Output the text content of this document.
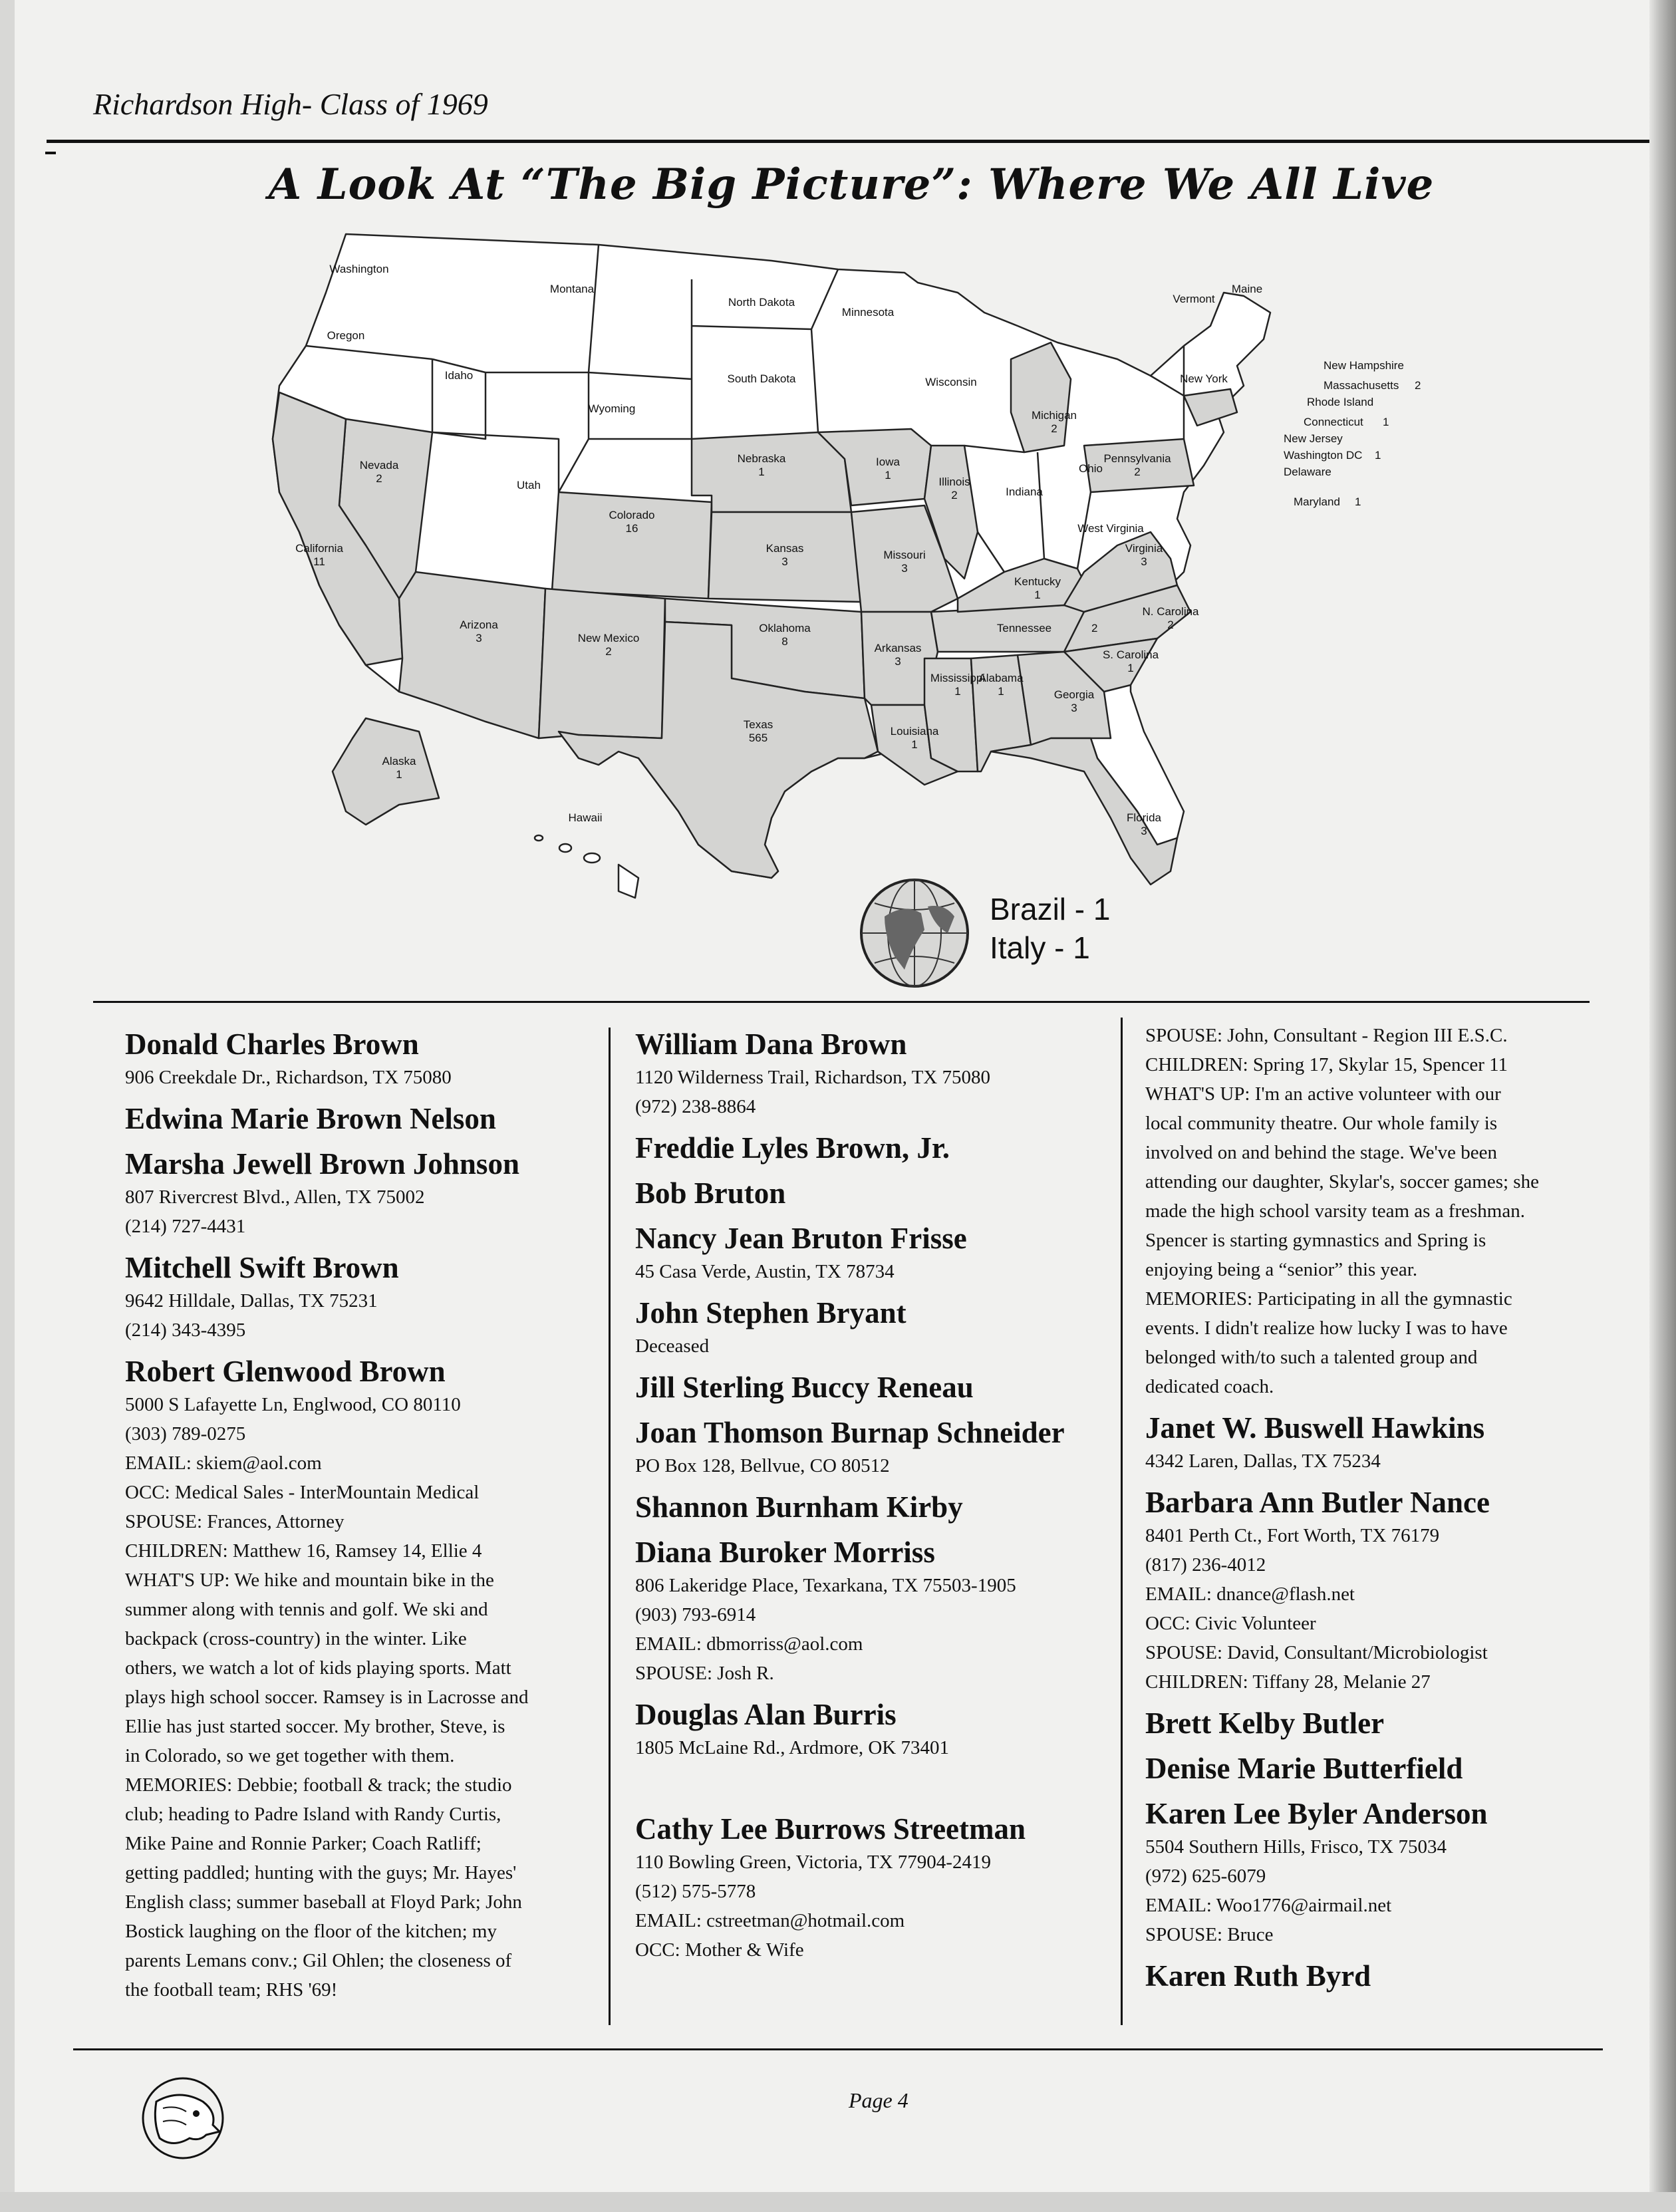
Richardson High- Class of 1969
A Look At “The Big Picture”: Where We All Live
Washington
Oregon
Montana
Idaho
Wyoming
North Dakota
South Dakota
Minnesota
Wisconsin
Michigan
2
Vermont
Maine
New York
New Hampshire
Massachusetts 2
Rhode Island
Connecticut 1
New Jersey
Washington DC 1
Delaware
Maryland 1
Pennsylvania
2
Ohio
Indiana
Illinois
2
Iowa
1
Nebraska
1
Nevada
2
Utah
Colorado
16
California
11
Kansas
3
Missouri
3
West Virginia
Virginia
3
Kentucky
1
Arizona
3	New Mexico
2
Oklahoma
8
Arkansas
3
Tennessee	2
N. Carolina
2
S. Carolina
1
Mississippi
1
Alabama
1	Georgia
3
Texas
565
Louisiana
1
Alaska
1
Hawaii	Florida
3
Brazil - 1
Italy - 1
Donald Charles Brown
906 Creekdale Dr., Richardson, TX 75080
Edwina Marie Brown Nelson
Marsha Jewell Brown Johnson
807 Rivercrest Blvd., Allen, TX 75002
(214) 727-4431
Mitchell Swift Brown
9642 Hilldale, Dallas, TX 75231
(214) 343-4395
Robert Glenwood Brown
5000 S Lafayette Ln, Englwood, CO 80110
(303) 789-0275
EMAIL: skiem@aol.com
OCC: Medical Sales - InterMountain Medical
SPOUSE: Frances, Attorney
CHILDREN: Matthew 16, Ramsey 14, Ellie 4
WHAT'S UP: We hike and mountain bike in the
summer along with tennis and golf. We ski and
backpack (cross-country) in the winter. Like
others, we watch a lot of kids playing sports. Matt
plays high school soccer. Ramsey is in Lacrosse and
Ellie has just started soccer. My brother, Steve, is
in Colorado, so we get together with them.
MEMORIES: Debbie; football & track; the studio
club; heading to Padre Island with Randy Curtis,
Mike Paine and Ronnie Parker; Coach Ratliff;
getting paddled; hunting with the guys; Mr. Hayes'
English class; summer baseball at Floyd Park; John
Bostick laughing on the floor of the kitchen; my
parents Lemans conv.; Gil Ohlen; the closeness of
the football team; RHS '69!
William Dana Brown
1120 Wilderness Trail, Richardson, TX 75080
(972) 238-8864
Freddie Lyles Brown, Jr.
Bob Bruton
Nancy Jean Bruton Frisse
45 Casa Verde, Austin, TX 78734
John Stephen Bryant
Deceased
Jill Sterling Buccy Reneau
Joan Thomson Burnap Schneider
PO Box 128, Bellvue, CO 80512
Shannon Burnham Kirby
Diana Buroker Morriss
806 Lakeridge Place, Texarkana, TX 75503-1905
(903) 793-6914
EMAIL: dbmorriss@aol.com
SPOUSE: Josh R.
Douglas Alan Burris
1805 McLaine Rd., Ardmore, OK 73401
Cathy Lee Burrows Streetman
110 Bowling Green, Victoria, TX 77904-2419
(512) 575-5778
EMAIL: cstreetman@hotmail.com
OCC: Mother & Wife
SPOUSE: John, Consultant - Region III E.S.C.
CHILDREN: Spring 17, Skylar 15, Spencer 11
WHAT'S UP: I'm an active volunteer with our
local community theatre. Our whole family is
involved on and behind the stage. We've been
attending our daughter, Skylar's, soccer games; she
made the high school varsity team as a freshman.
Spencer is starting gymnastics and Spring is
enjoying being a “senior” this year.
MEMORIES: Participating in all the gymnastic
events. I didn't realize how lucky I was to have
belonged with/to such a talented group and
dedicated coach.
Janet W. Buswell Hawkins
4342 Laren, Dallas, TX 75234
Barbara Ann Butler Nance
8401 Perth Ct., Fort Worth, TX 76179
(817) 236-4012
EMAIL: dnance@flash.net
OCC: Civic Volunteer
SPOUSE: David, Consultant/Microbiologist
CHILDREN: Tiffany 28, Melanie 27
Brett Kelby Butler
Denise Marie Butterfield
Karen Lee Byler Anderson
5504 Southern Hills, Frisco, TX 75034
(972) 625-6079
EMAIL: Woo1776@airmail.net
SPOUSE: Bruce
Karen Ruth Byrd
Page 4
